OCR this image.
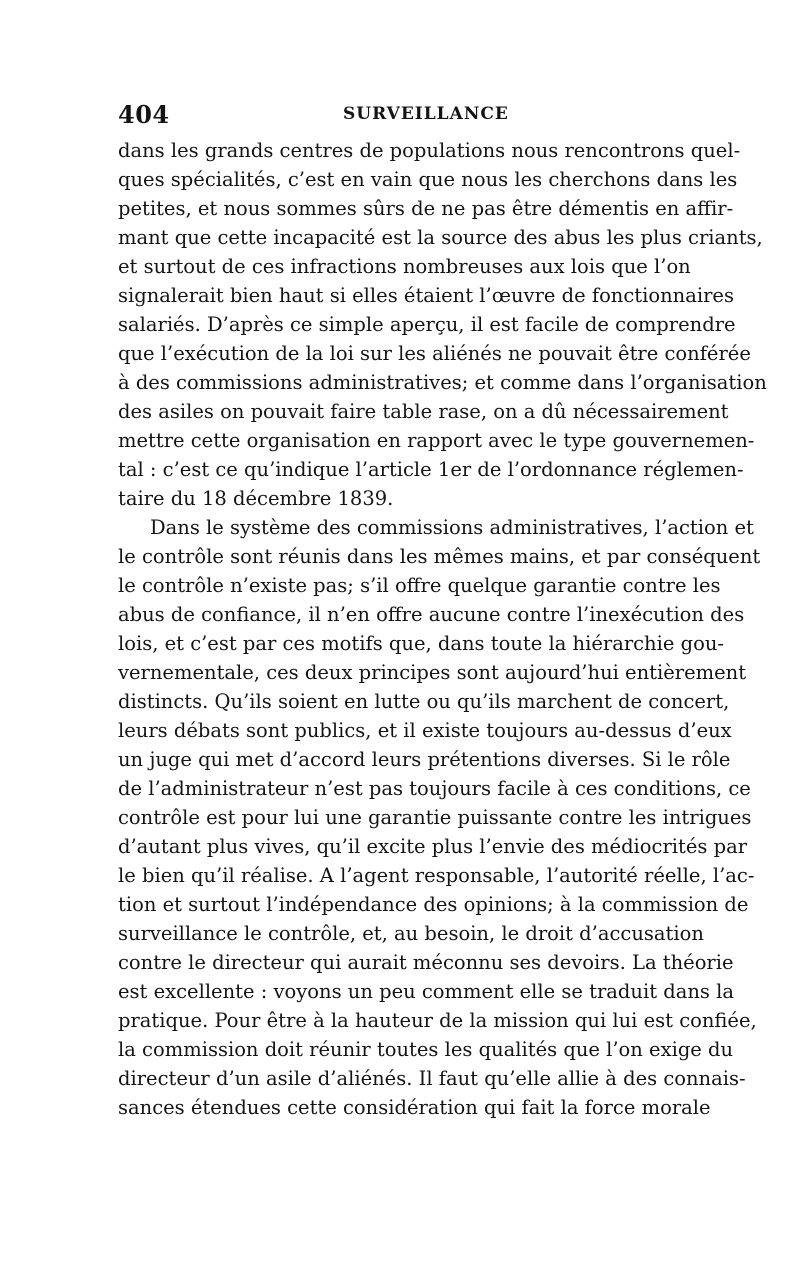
404	SURVEILLANCE
dans les grands centres de populations nous rencontrons quel-
ques spécialités, c’est en vain que nous les cherchons dans les
petites, et nous sommes sûrs de ne pas être démentis en affir-
mant que cette incapacité est la source des abus les plus criants,
et surtout de ces infractions nombreuses aux lois que l’on
signalerait bien haut si elles étaient l’œuvre de fonctionnaires
salariés. D’après ce simple aperçu, il est facile de comprendre
que l’exécution de la loi sur les aliénés ne pouvait être conférée
à des commissions administratives; et comme dans l’organisation
des asiles on pouvait faire table rase, on a dû nécessairement
mettre cette organisation en rapport avec le type gouvernemen-
tal : c’est ce qu’indique l’article 1er de l’ordonnance réglemen-
taire du 18 décembre 1839.
Dans le système des commissions administratives, l’action et
le contrôle sont réunis dans les mêmes mains, et par conséquent
le contrôle n’existe pas; s’il offre quelque garantie contre les
abus de confiance, il n’en offre aucune contre l’inexécution des
lois, et c’est par ces motifs que, dans toute la hiérarchie gou-
vernementale, ces deux principes sont aujourd’hui entièrement
distincts. Qu’ils soient en lutte ou qu’ils marchent de concert,
leurs débats sont publics, et il existe toujours au-dessus d’eux
un juge qui met d’accord leurs prétentions diverses. Si le rôle
de l’administrateur n’est pas toujours facile à ces conditions, ce
contrôle est pour lui une garantie puissante contre les intrigues
d’autant plus vives, qu’il excite plus l’envie des médiocrités par
le bien qu’il réalise. A l’agent responsable, l’autorité réelle, l’ac-
tion et surtout l’indépendance des opinions; à la commission de
surveillance le contrôle, et, au besoin, le droit d’accusation
contre le directeur qui aurait méconnu ses devoirs. La théorie
est excellente : voyons un peu comment elle se traduit dans la
pratique. Pour être à la hauteur de la mission qui lui est confiée,
la commission doit réunir toutes les qualités que l’on exige du
directeur d’un asile d’aliénés. Il faut qu’elle allie à des connais-
sances étendues cette considération qui fait la force morale
